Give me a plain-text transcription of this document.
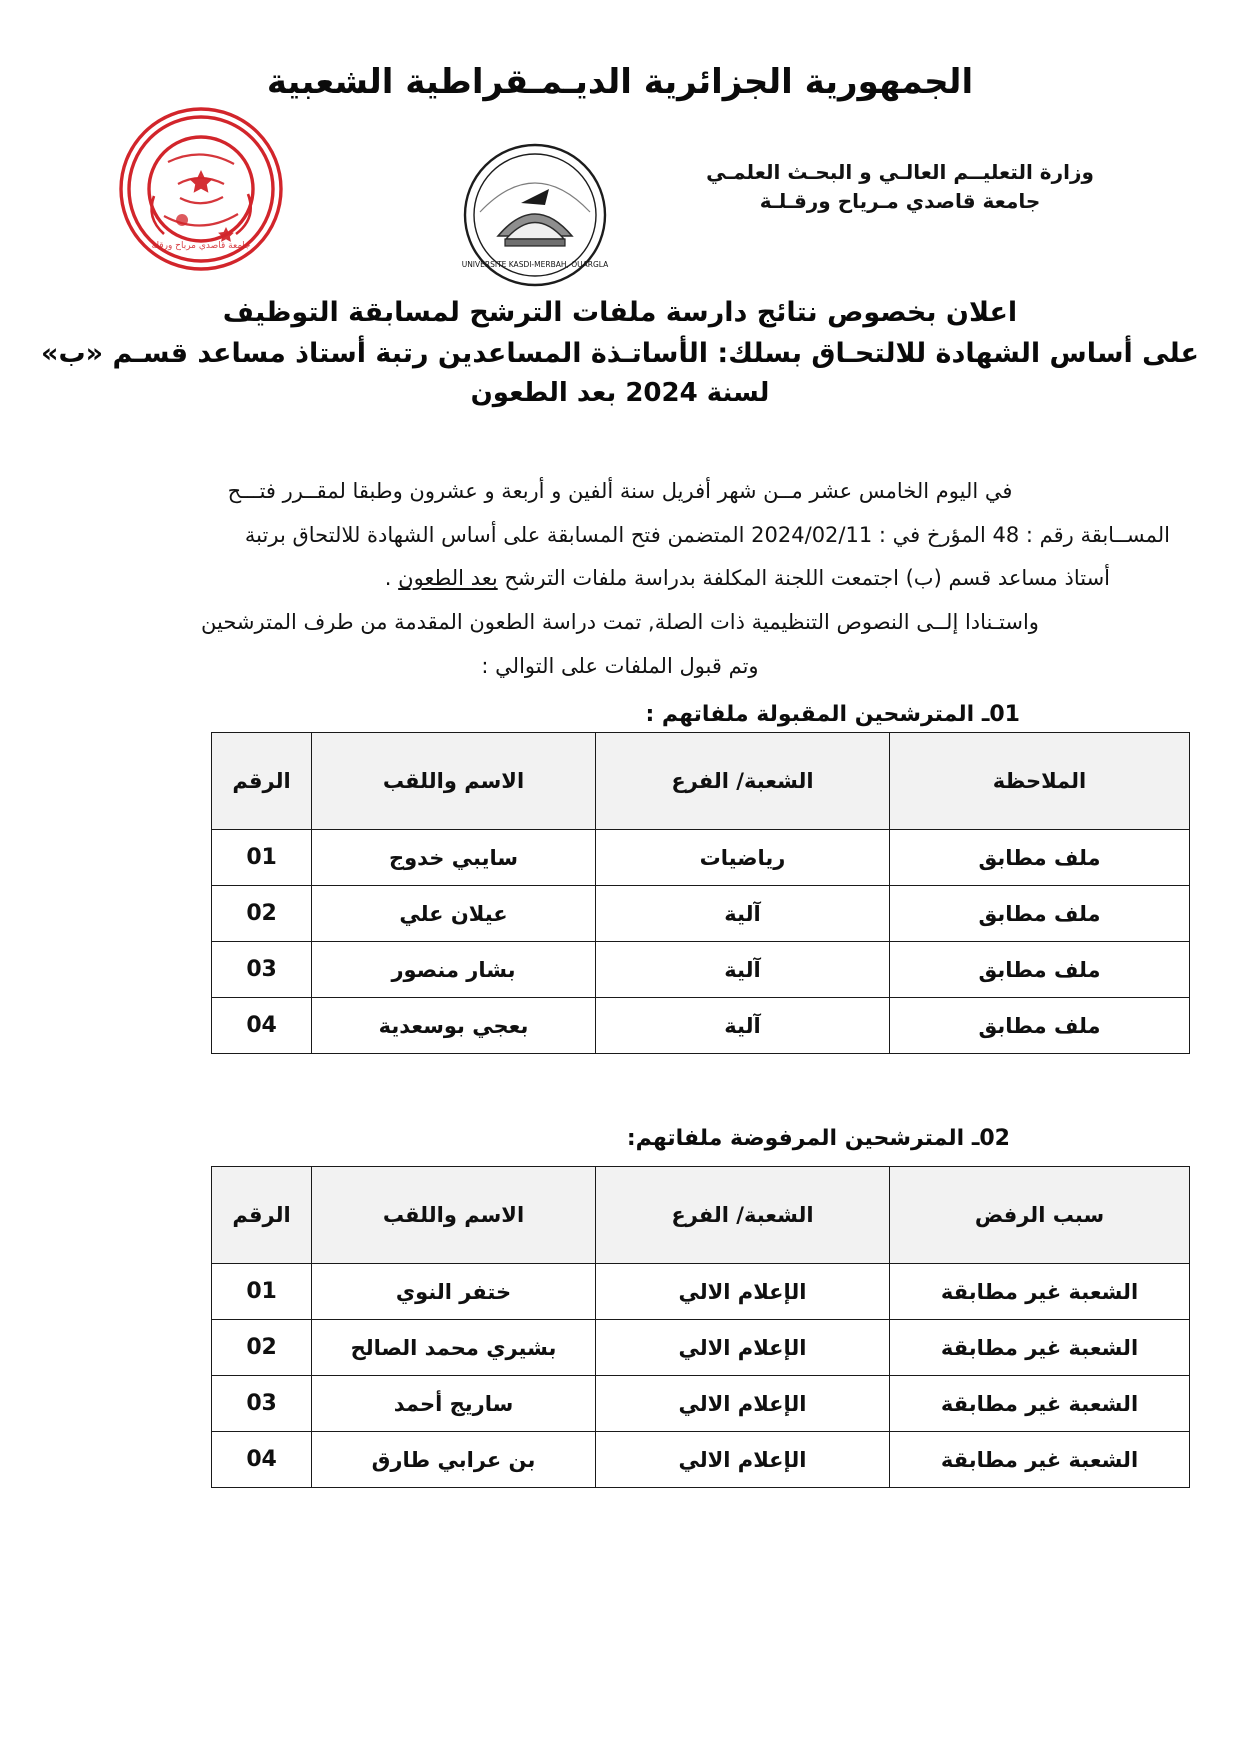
الجمهورية الجزائرية الديـمـقراطية الشعبية
جامعة قاصدي مرباح ورقلة
UNIVERSITE KASDI-MERBAH, OUARGLA
وزارة التعليــم العالـي و البحـث العلمـي
جامعة قاصدي مـرياح ورقـلـة
اعلان بخصوص نتائج دارسة ملفات الترشح لمسابقة التوظيف
على أساس الشهادة للالتحـاق بسلك: الأساتـذة المساعدين رتبة أستاذ مساعد قسـم «ب»
لسنة 2024 بعد الطعون
في اليوم الخامس عشر مــن شهر أفريل سنة ألفين و أربعة و عشرون وطبقا لمقــرر فتـــح
المســابقة رقم : 48 المؤرخ في : 2024/02/11 المتضمن فتح المسابقة على أساس الشهادة للالتحاق برتبة
أستاذ مساعد قسم (ب) اجتمعت اللجنة المكلفة بدراسة ملفات الترشح بعد الطعون .
واستـنادا إلــى النصوص التنظيمية ذات الصلة, تمت دراسة الطعون المقدمة من طرف المترشحين
وتم قبول الملفات على التوالي :
01ـ المترشحين المقبولة ملفاتهم :
الملاحظة	الشعبة/ الفرع	الاسم واللقب	الرقم
ملف مطابق	رياضيات	سايبي خدوج	01
ملف مطابق	آلية	عيلان علي	02
ملف مطابق	آلية	بشار منصور	03
ملف مطابق	آلية	بعجي بوسعدية	04
02ـ المترشحين المرفوضة ملفاتهم:
سبب الرفض	الشعبة/ الفرع	الاسم واللقب	الرقم
الشعبة غير مطابقة	الإعلام الالي	ختفر النوي	01
الشعبة غير مطابقة	الإعلام الالي	بشيري محمد الصالح	02
الشعبة غير مطابقة	الإعلام الالي	ساريج أحمد	03
الشعبة غير مطابقة	الإعلام الالي	بن عرابي طارق	04
